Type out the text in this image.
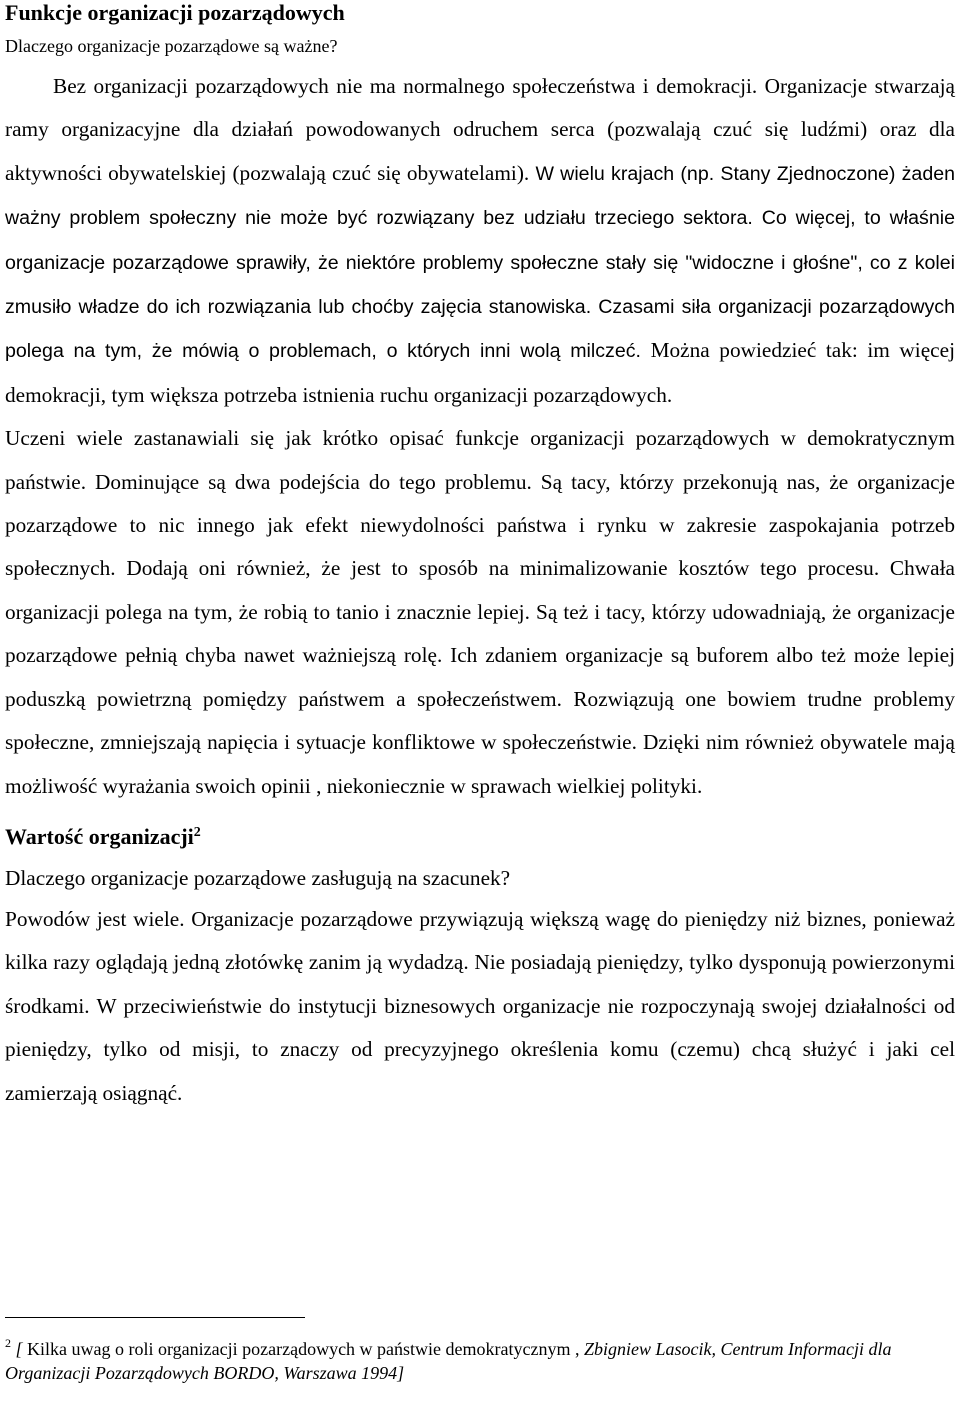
Funkcje organizacji pozarządowych
Dlaczego organizacje pozarządowe są ważne?

Bez organizacji pozarządowych nie ma normalnego społeczeństwa i demokracji. Organizacje stwarzają ramy organizacyjne dla działań powodowanych odruchem serca (pozwalają czuć się ludźmi) oraz dla aktywności obywatelskiej (pozwalają czuć się obywatelami). W wielu krajach (np. Stany Zjednoczone) żaden ważny problem społeczny nie może być rozwiązany bez udziału trzeciego sektora. Co więcej, to właśnie organizacje pozarządowe sprawiły, że niektóre problemy społeczne stały się "widoczne i głośne", co z kolei zmusiło władze do ich rozwiązania lub choćby zajęcia stanowiska. Czasami siła organizacji pozarządowych polega na tym, że mówią o problemach, o których inni wolą milczeć. Można powiedzieć tak: im więcej demokracji, tym większa potrzeba istnienia ruchu organizacji pozarządowych.

Uczeni wiele zastanawiali się jak krótko opisać funkcje organizacji pozarządowych w demokratycznym państwie. Dominujące są dwa podejścia do tego problemu. Są tacy, którzy przekonują nas, że organizacje pozarządowe to nic innego jak efekt niewydolności państwa i rynku w zakresie zaspokajania potrzeb społecznych. Dodają oni również, że jest to sposób na minimalizowanie kosztów tego procesu. Chwała organizacji polega na tym, że robią to tanio i znacznie lepiej. Są też i tacy, którzy udowadniają, że organizacje pozarządowe pełnią chyba nawet ważniejszą rolę. Ich zdaniem organizacje są buforem albo też może lepiej poduszką powietrzną pomiędzy państwem a społeczeństwem. Rozwiązują one bowiem trudne problemy społeczne, zmniejszają napięcia i sytuacje konfliktowe w społeczeństwie. Dzięki nim również obywatele mają możliwość wyrażania swoich opinii , niekoniecznie w sprawach wielkiej polityki.

Wartość organizacji$^2$
Dlaczego organizacje pozarządowe zasługują na szacunek?

Powodów jest wiele. Organizacje pozarządowe przywiązują większą wagę do pieniędzy niż biznes, ponieważ kilka razy oglądają jedną złotówkę zanim ją wydadzą. Nie posiadają pieniędzy, tylko dysponują powierzonymi środkami. W przeciwieństwie do instytucji biznesowych organizacje nie rozpoczynają swojej działalności od pieniędzy, tylko od misji, to znaczy od precyzyjnego określenia komu (czemu) chcą służyć i jaki cel zamierzają osiągnąć.

$^2$ [ Kilka uwag o roli organizacji pozarządowych w państwie demokratycznym , Zbigniew Lasocik, Centrum Informacji dla Organizacji Pozarządowych BORDO, Warszawa 1994]
